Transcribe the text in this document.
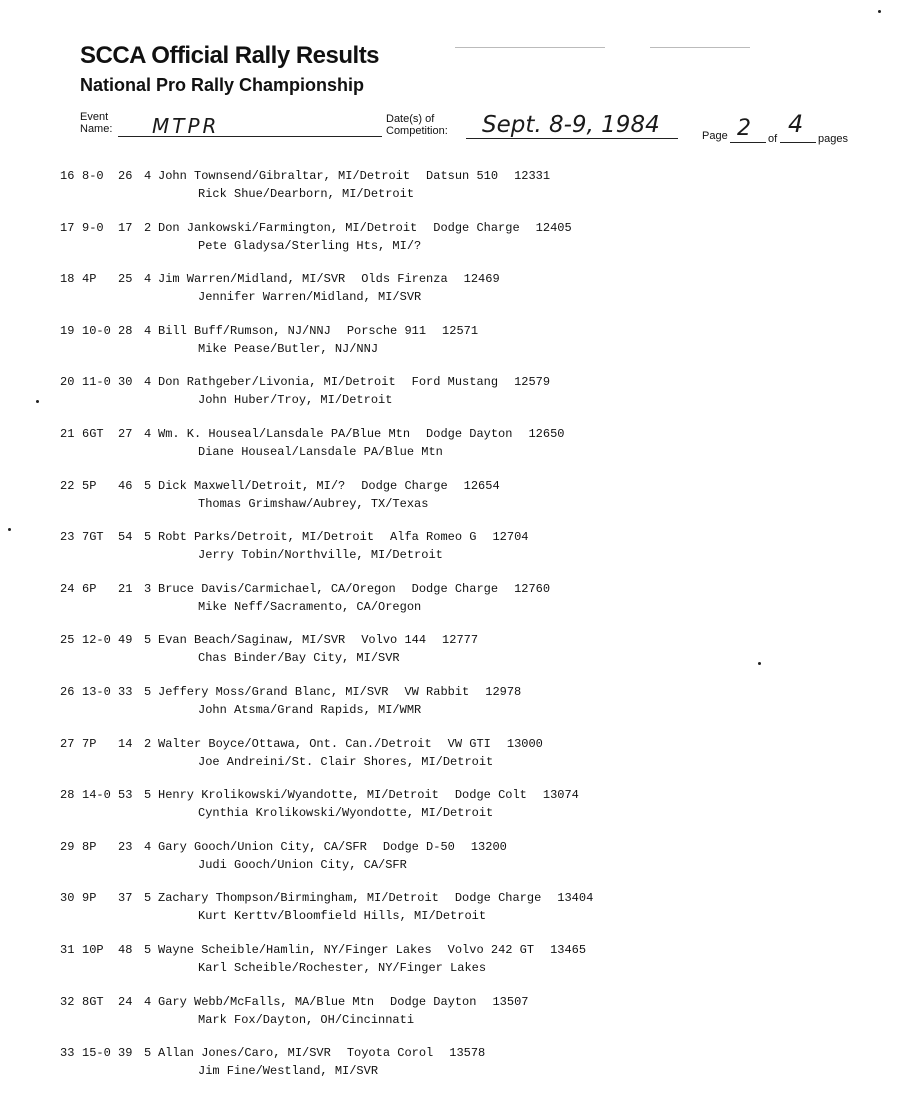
SCCA Official Rally Results
National Pro Rally Championship
Event
Name: MTPR	Date(s) of
Competition: Sept. 8-9, 1984	Page 2 of
4
pages
16 8-0 26 4 John Townsend/Gibraltar, MI/Detroit Datsun 510 12331
Rick Shue/Dearborn, MI/Detroit
17 9-0 17 2 Don Jankowski/Farmington, MI/Detroit Dodge Charge 12405
Pete Gladysa/Sterling Hts, MI/?
18 4P 25 4 Jim Warren/Midland, MI/SVR Olds Firenza 12469
Jennifer Warren/Midland, MI/SVR
19 10-0 28 4 Bill Buff/Rumson, NJ/NNJ Porsche 911 12571
Mike Pease/Butler, NJ/NNJ
20 11-0 30 4 Don Rathgeber/Livonia, MI/Detroit Ford Mustang 12579
John Huber/Troy, MI/Detroit
21 6GT 27 4 Wm. K. Houseal/Lansdale PA/Blue Mtn Dodge Dayton 12650
Diane Houseal/Lansdale PA/Blue Mtn
22 5P 46 5 Dick Maxwell/Detroit, MI/? Dodge Charge 12654
Thomas Grimshaw/Aubrey, TX/Texas
23 7GT 54 5 Robt Parks/Detroit, MI/Detroit Alfa Romeo G 12704
Jerry Tobin/Northville, MI/Detroit
24 6P 21 3 Bruce Davis/Carmichael, CA/Oregon Dodge Charge 12760
Mike Neff/Sacramento, CA/Oregon
25 12-0 49 5 Evan Beach/Saginaw, MI/SVR Volvo 144 12777
Chas Binder/Bay City, MI/SVR
26 13-0 33 5 Jeffery Moss/Grand Blanc, MI/SVR VW Rabbit 12978
John Atsma/Grand Rapids, MI/WMR
27 7P 14 2 Walter Boyce/Ottawa, Ont. Can./Detroit VW GTI 13000
Joe Andreini/St. Clair Shores, MI/Detroit
28 14-0 53 5 Henry Krolikowski/Wyandotte, MI/Detroit Dodge Colt 13074
Cynthia Krolikowski/Wyondotte, MI/Detroit
29 8P 23 4 Gary Gooch/Union City, CA/SFR Dodge D-50 13200
Judi Gooch/Union City, CA/SFR
30 9P 37 5 Zachary Thompson/Birmingham, MI/Detroit Dodge Charge 13404
Kurt Kerttv/Bloomfield Hills, MI/Detroit
31 10P 48 5 Wayne Scheible/Hamlin, NY/Finger Lakes Volvo 242 GT 13465
Karl Scheible/Rochester, NY/Finger Lakes
32 8GT 24 4 Gary Webb/McFalls, MA/Blue Mtn Dodge Dayton 13507
Mark Fox/Dayton, OH/Cincinnati
33 15-0 39 5 Allan Jones/Caro, MI/SVR Toyota Corol 13578
Jim Fine/Westland, MI/SVR
